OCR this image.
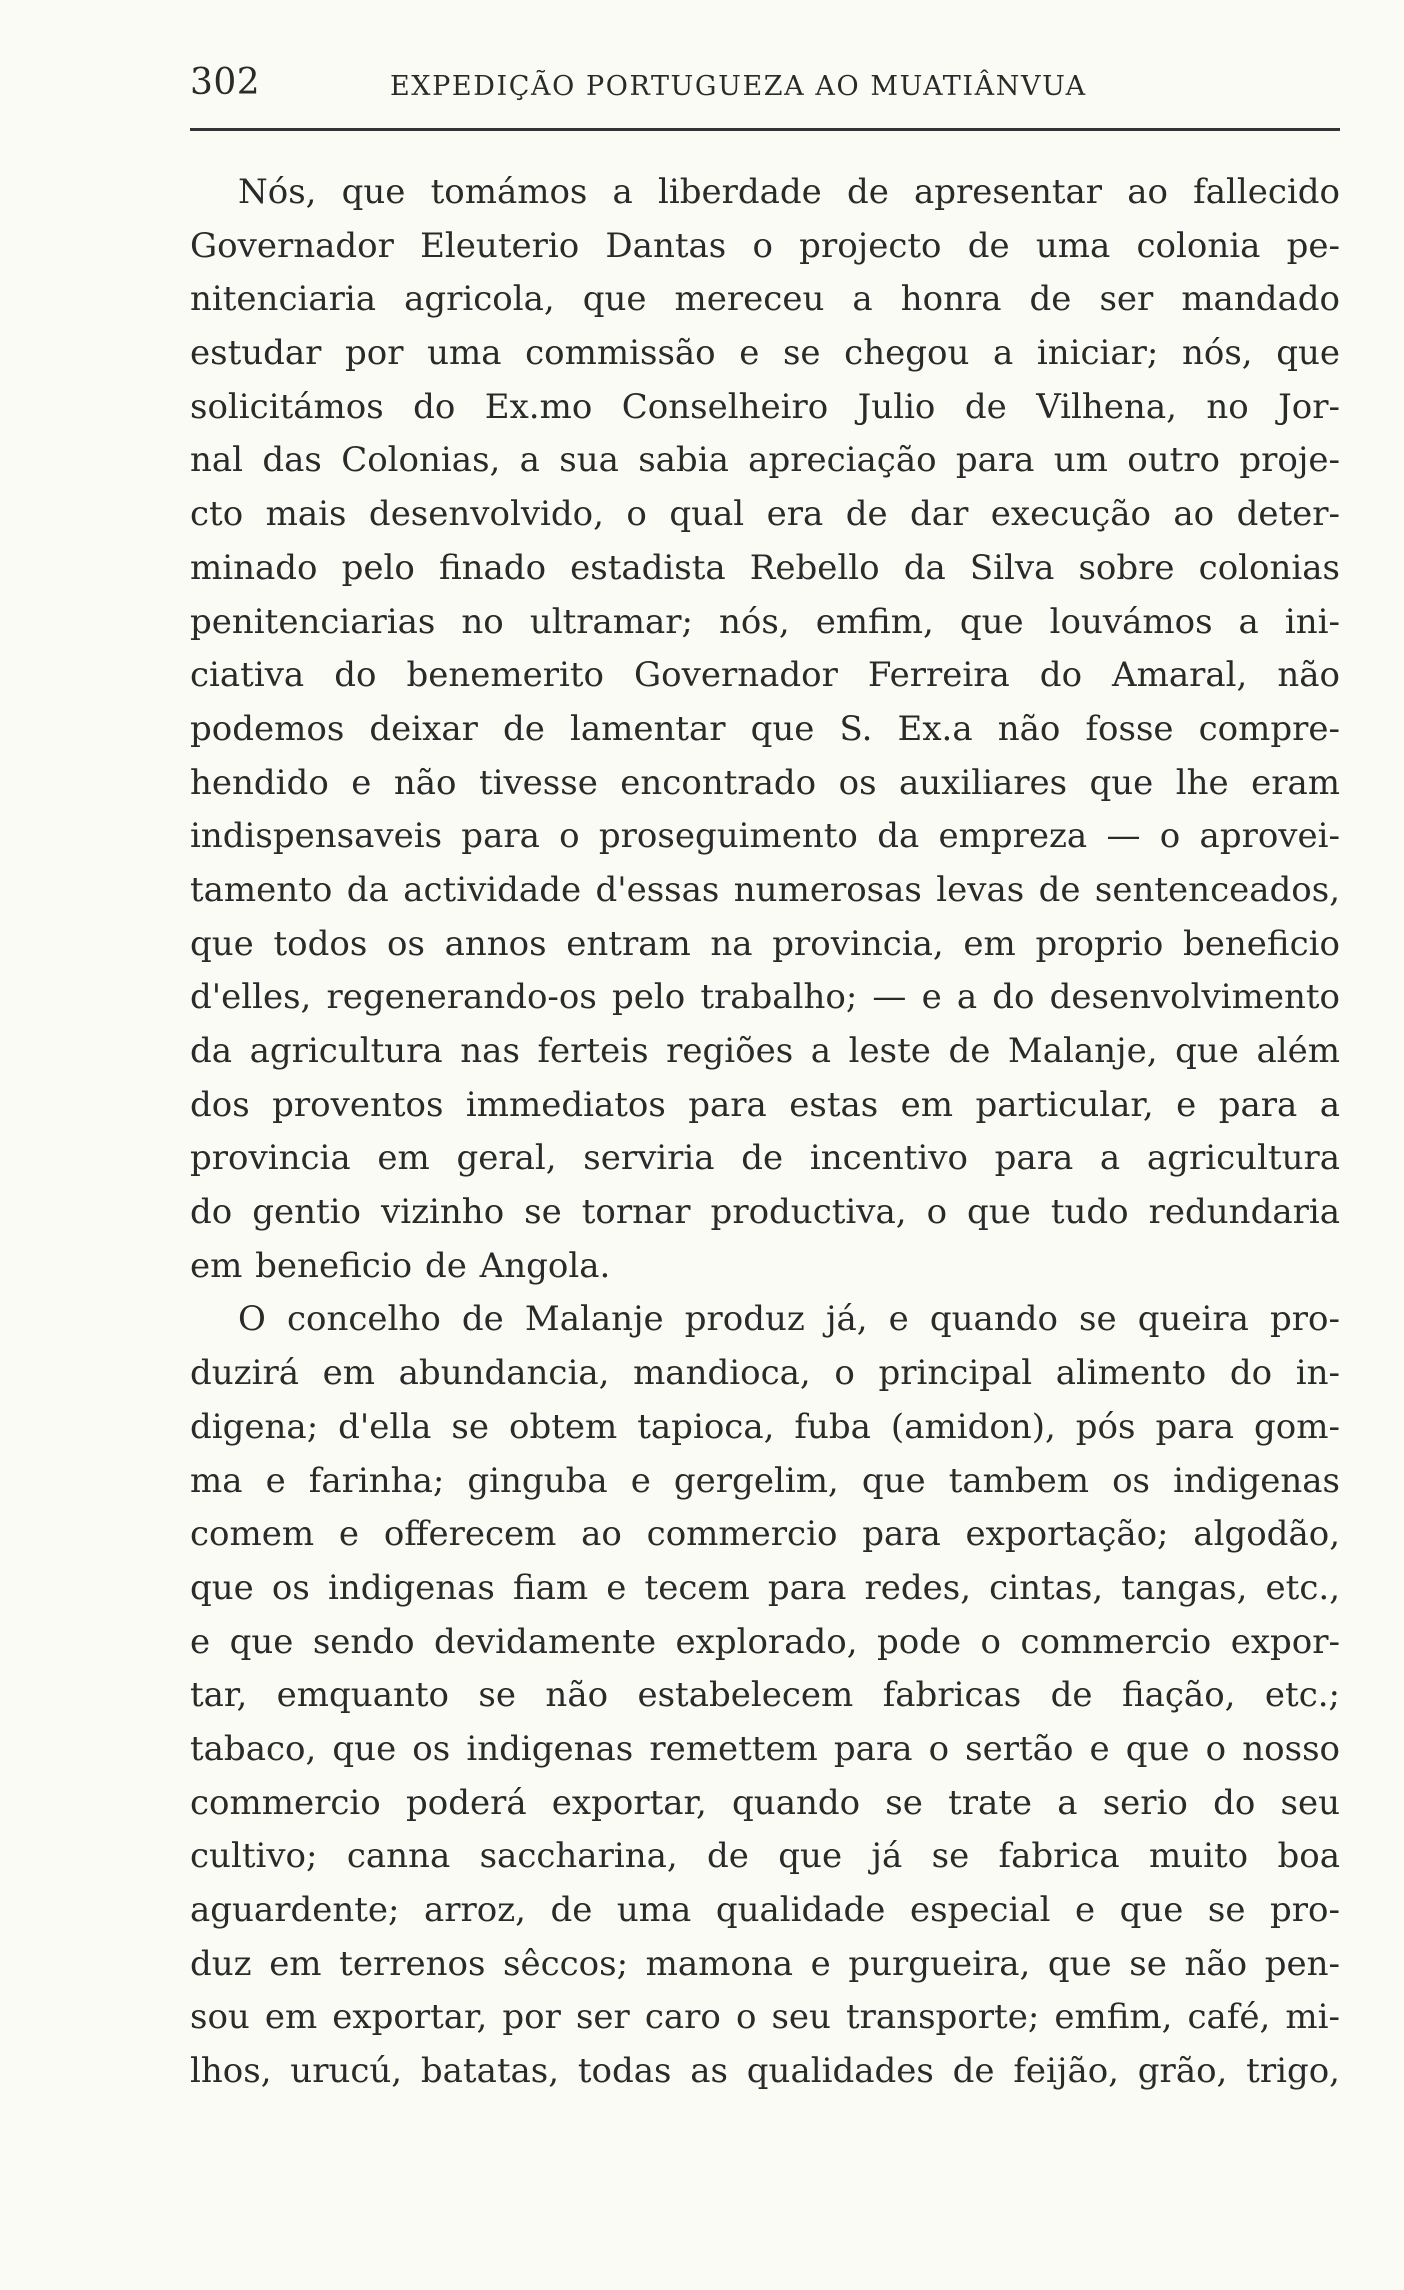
302	EXPEDIÇÃO PORTUGUEZA AO MUATIÂNVUA
Nós, que tomámos a liberdade de apresentar ao fallecido
Governador Eleuterio Dantas o projecto de uma colonia pe-
nitenciaria agricola, que mereceu a honra de ser mandado
estudar por uma commissão e se chegou a iniciar; nós, que
solicitámos do Ex.mo Conselheiro Julio de Vilhena, no Jor-
nal das Colonias, a sua sabia apreciação para um outro proje-
cto mais desenvolvido, o qual era de dar execução ao deter-
minado pelo finado estadista Rebello da Silva sobre colonias
penitenciarias no ultramar; nós, emfim, que louvámos a ini-
ciativa do benemerito Governador Ferreira do Amaral, não
podemos deixar de lamentar que S. Ex.a não fosse compre-
hendido e não tivesse encontrado os auxiliares que lhe eram
indispensaveis para o proseguimento da empreza — o aprovei-
tamento da actividade d'essas numerosas levas de sentenceados,
que todos os annos entram na provincia, em proprio beneficio
d'elles, regenerando-os pelo trabalho; — e a do desenvolvimento
da agricultura nas ferteis regiões a leste de Malanje, que além
dos proventos immediatos para estas em particular, e para a
provincia em geral, serviria de incentivo para a agricultura
do gentio vizinho se tornar productiva, o que tudo redundaria
em beneficio de Angola.
O concelho de Malanje produz já, e quando se queira pro-
duzirá em abundancia, mandioca, o principal alimento do in-
digena; d'ella se obtem tapioca, fuba (amidon), pós para gom-
ma e farinha; ginguba e gergelim, que tambem os indigenas
comem e offerecem ao commercio para exportação; algodão,
que os indigenas fiam e tecem para redes, cintas, tangas, etc.,
e que sendo devidamente explorado, pode o commercio expor-
tar, emquanto se não estabelecem fabricas de fiação, etc.;
tabaco, que os indigenas remettem para o sertão e que o nosso
commercio poderá exportar, quando se trate a serio do seu
cultivo; canna saccharina, de que já se fabrica muito boa
aguardente; arroz, de uma qualidade especial e que se pro-
duz em terrenos sêccos; mamona e purgueira, que se não pen-
sou em exportar, por ser caro o seu transporte; emfim, café, mi-
lhos, urucú, batatas, todas as qualidades de feijão, grão, trigo,
